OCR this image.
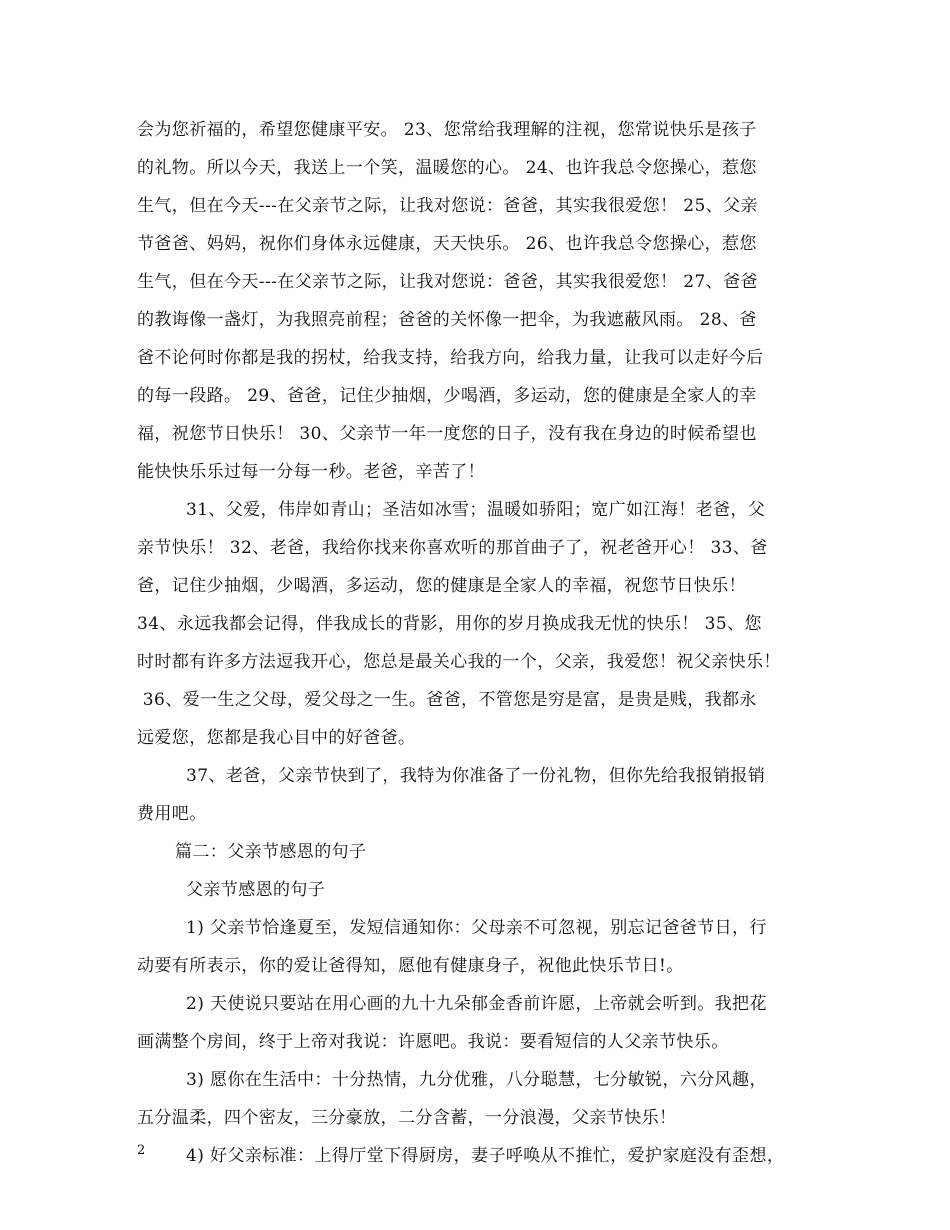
会为您祈福的，希望您健康平安。 23、您常给我理解的注视，您常说快乐是孩子
的礼物。所以今天，我送上一个笑，温暖您的心。 24、也许我总令您操心，惹您
生气，但在今天---在父亲节之际，让我对您说：爸爸，其实我很爱您！ 25、父亲
节爸爸、妈妈，祝你们身体永远健康，天天快乐。 26、也许我总令您操心，惹您
生气，但在今天---在父亲节之际，让我对您说：爸爸，其实我很爱您！ 27、爸爸
的教诲像一盏灯，为我照亮前程；爸爸的关怀像一把伞，为我遮蔽风雨。 28、爸
爸不论何时你都是我的拐杖，给我支持，给我方向，给我力量，让我可以走好今后
的每一段路。 29、爸爸，记住少抽烟，少喝酒，多运动，您的健康是全家人的幸
福，祝您节日快乐！ 30、父亲节一年一度您的日子，没有我在身边的时候希望也
能快快乐乐过每一分每一秒。老爸，辛苦了！
31、父爱，伟岸如青山；圣洁如冰雪；温暖如骄阳；宽广如江海！老爸，父
亲节快乐！ 32、老爸，我给你找来你喜欢听的那首曲子了，祝老爸开心！ 33、爸
爸，记住少抽烟，少喝酒，多运动，您的健康是全家人的幸福，祝您节日快乐！
34、永远我都会记得，伴我成长的背影，用你的岁月换成我无忧的快乐！ 35、您
时时都有许多方法逗我开心，您总是最关心我的一个，父亲，我爱您！祝父亲快乐！
36、爱一生之父母，爱父母之一生。爸爸，不管您是穷是富，是贵是贱，我都永
远爱您，您都是我心目中的好爸爸。
37、老爸，父亲节快到了，我特为你准备了一份礼物，但你先给我报销报销
费用吧。
篇二：父亲节感恩的句子
父亲节感恩的句子
1) 父亲节恰逢夏至，发短信通知你：父母亲不可忽视，别忘记爸爸节日，行
动要有所表示，你的爱让爸得知，愿他有健康身子，祝他此快乐节日!。
2) 天使说只要站在用心画的九十九朵郁金香前许愿，上帝就会听到。我把花
画满整个房间，终于上帝对我说：许愿吧。我说：要看短信的人父亲节快乐。
3) 愿你在生活中：十分热情，九分优雅，八分聪慧，七分敏锐，六分风趣，
五分温柔，四个密友，三分豪放，二分含蓄，一分浪漫，父亲节快乐！
4) 好父亲标准：上得厅堂下得厨房，妻子呼唤从不推忙，爱护家庭没有歪想，
2
